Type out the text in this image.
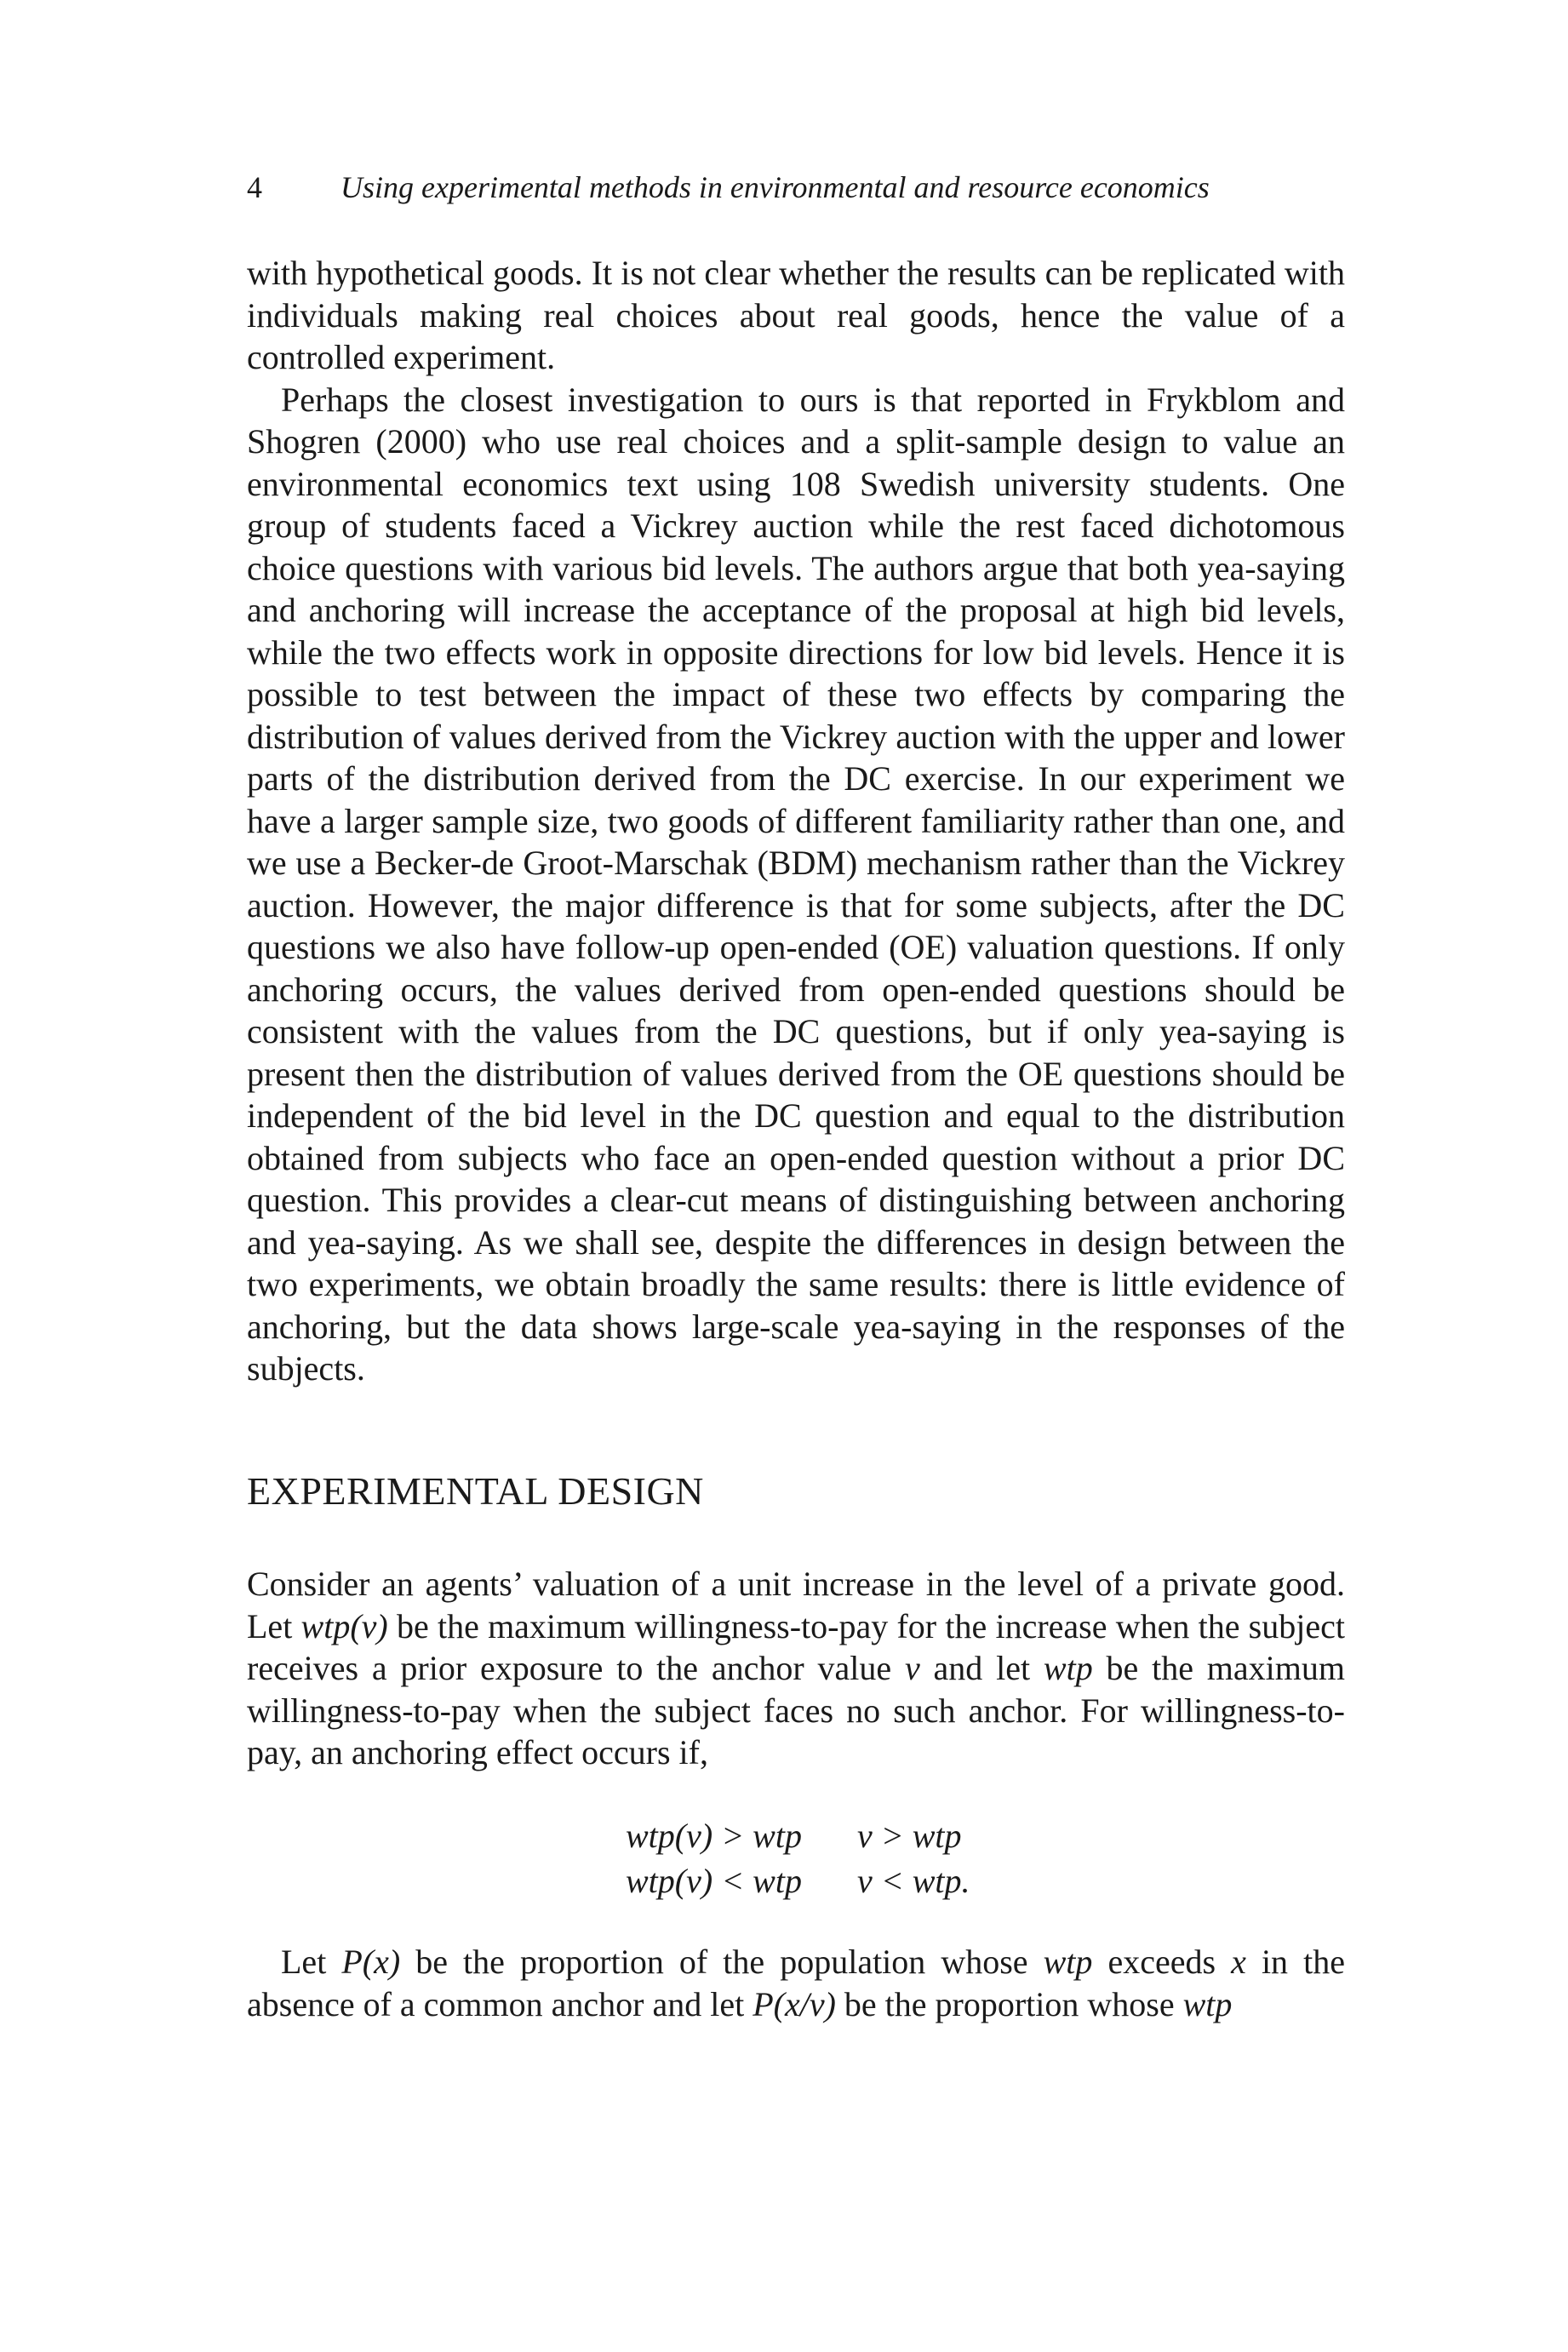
4	Using experimental methods in environmental and resource economics

with hypothetical goods. It is not clear whether the results can be replicated with individuals making real choices about real goods, hence the value of a controlled experiment.

Perhaps the closest investigation to ours is that reported in Frykblom and Shogren (2000) who use real choices and a split-sample design to value an environmental economics text using 108 Swedish university students. One group of students faced a Vickrey auction while the rest faced dichotomous choice questions with various bid levels. The authors argue that both yea-saying and anchoring will increase the acceptance of the proposal at high bid levels, while the two effects work in opposite directions for low bid levels. Hence it is possible to test between the impact of these two effects by comparing the distribution of values derived from the Vickrey auction with the upper and lower parts of the distribution derived from the DC exercise. In our experiment we have a larger sample size, two goods of different familiarity rather than one, and we use a Becker-de Groot-Marschak (BDM) mechanism rather than the Vickrey auction. However, the major difference is that for some subjects, after the DC questions we also have follow-up open-ended (OE) valuation questions. If only anchoring occurs, the values derived from open-ended questions should be consistent with the values from the DC questions, but if only yea-saying is present then the distribution of values derived from the OE questions should be independent of the bid level in the DC question and equal to the distribution obtained from subjects who face an open-ended question without a prior DC question. This provides a clear-cut means of distinguishing between anchoring and yea-saying. As we shall see, despite the differences in design between the two experiments, we obtain broadly the same results: there is little evidence of anchoring, but the data shows large-scale yea-saying in the responses of the subjects.

EXPERIMENTAL DESIGN

Consider an agents’ valuation of a unit increase in the level of a private good. Let wtp(v) be the maximum willingness-to-pay for the increase when the subject receives a prior exposure to the anchor value v and let wtp be the maximum willingness-to-pay when the subject faces no such anchor. For willingness-to-pay, an anchoring effect occurs if,

wtp(v) > wtp	v > wtp
wtp(v) < wtp	v < wtp.

Let P(x) be the proportion of the population whose wtp exceeds x in the absence of a common anchor and let P(x/v) be the proportion whose wtp
